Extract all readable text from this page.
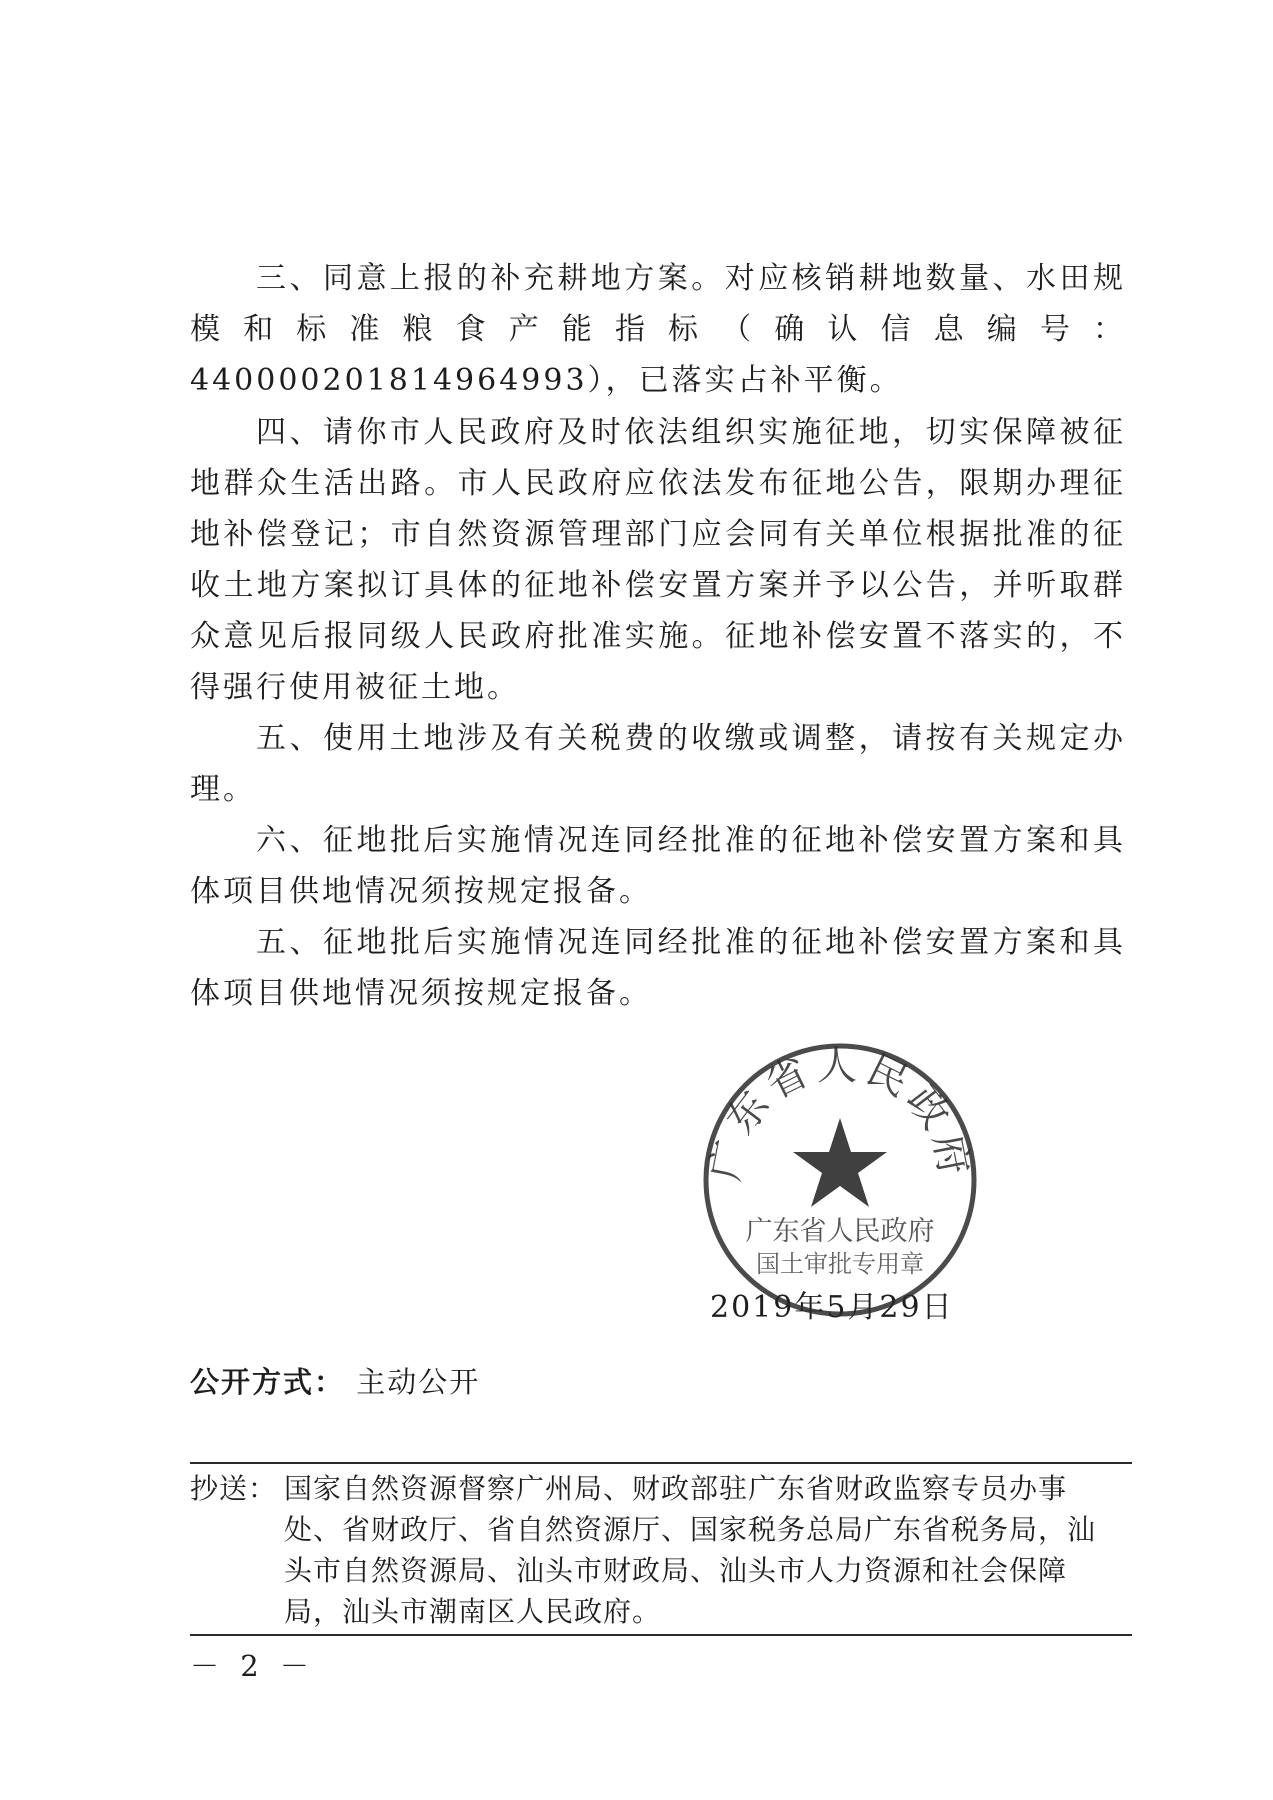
三、同意上报的补充耕地方案。对应核销耕地数量、水田规模和标准粮食产能指标（确认信息编号：440000201814964993），已落实占补平衡。

四、请你市人民政府及时依法组织实施征地，切实保障被征地群众生活出路。市人民政府应依法发布征地公告，限期办理征地补偿登记；市自然资源管理部门应会同有关单位根据批准的征收土地方案拟订具体的征地补偿安置方案并予以公告，并听取群众意见后报同级人民政府批准实施。征地补偿安置不落实的，不得强行使用被征土地。

五、使用土地涉及有关税费的收缴或调整，请按有关规定办理。

六、征地批后实施情况连同经批准的征地补偿安置方案和具体项目供地情况须按规定报备。

五、征地批后实施情况连同经批准的征地补偿安置方案和具体项目供地情况须按规定报备。

2019年5月29日
广东省人民政府
广东省人民政府
国土审批专用章
公开方式： 主动公开
抄送： 国家自然资源督察广州局、财政部驻广东省财政监察专员办事处、省财政厅、省自然资源厅、国家税务总局广东省税务局，汕头市自然资源局、汕头市财政局、汕头市人力资源和社会保障局，汕头市潮南区人民政府。
－ 2 －
